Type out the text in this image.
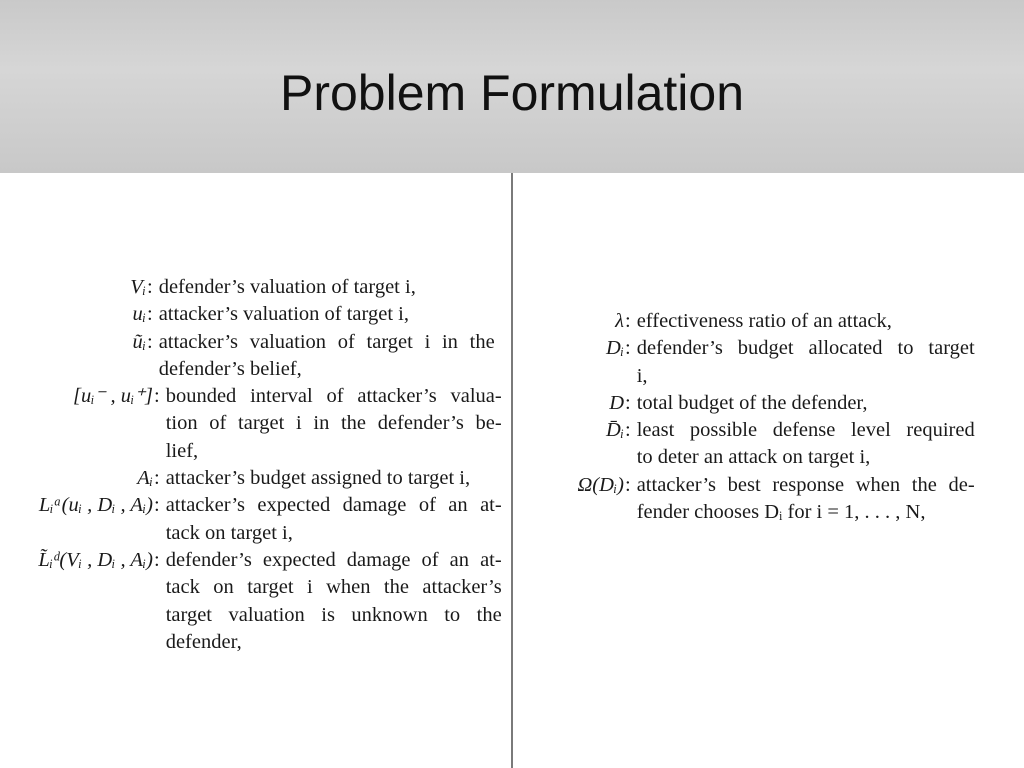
Problem Formulation
Vᵢ : defender’s valuation of target i,
uᵢ : attacker’s valuation of target i,
ũᵢ : attacker’s valuation of target i in the
defender’s belief,
[uᵢ⁻ , uᵢ⁺] : bounded interval of attacker’s valua-
tion of target i in the defender’s be-
lief,
Aᵢ : attacker’s budget assigned to target i,
Lᵢᵃ(uᵢ , Dᵢ , Aᵢ) : attacker’s expected damage of an at-
tack on target i,
L̃ᵢᵈ(Vᵢ , Dᵢ , Aᵢ) : defender’s expected damage of an at-
tack on target i when the attacker’s
target valuation is unknown to the
defender,
λ : effectiveness ratio of an attack,
Dᵢ : defender’s budget allocated to target
i,
D : total budget of the defender,
D̄ᵢ : least possible defense level required
to deter an attack on target i,
Ω(Dᵢ) : attacker’s best response when the de-
fender chooses Dᵢ for i = 1, . . . , N,
